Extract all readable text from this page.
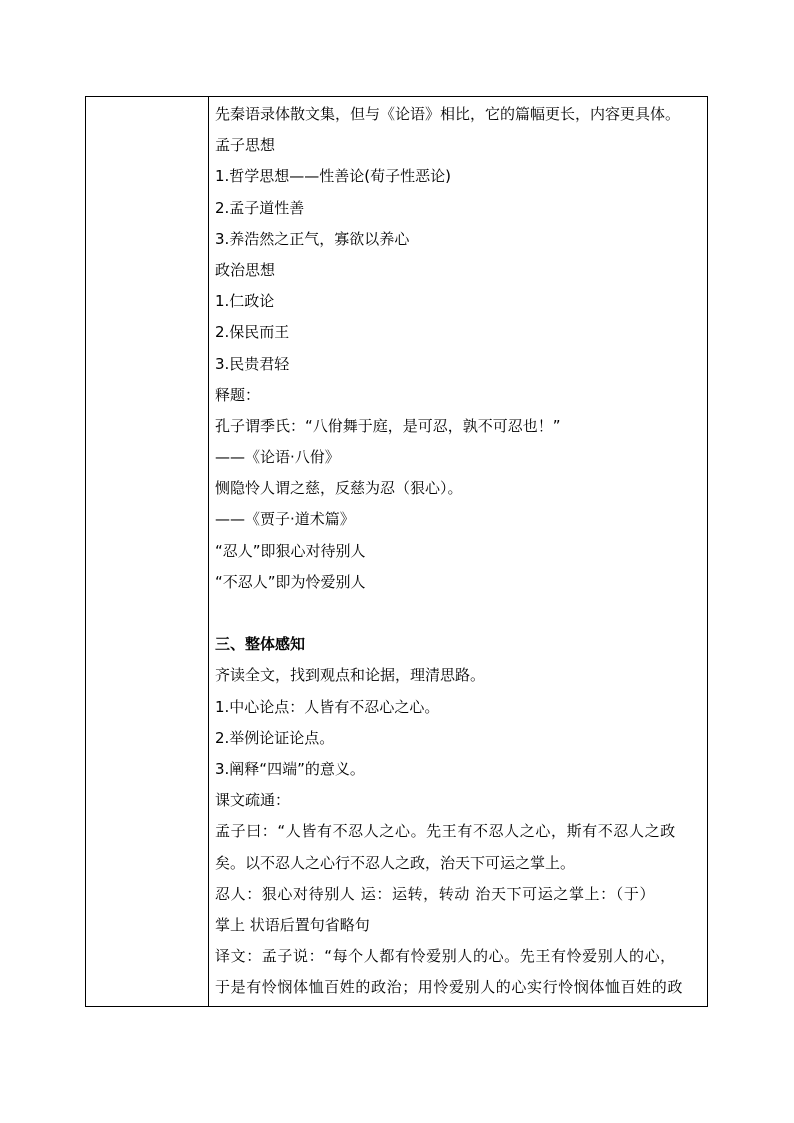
先秦语录体散文集，但与《论语》相比，它的篇幅更长，内容更具体。
孟子思想
1.哲学思想——性善论(荀子性恶论)
2.孟子道性善
3.养浩然之正气，寡欲以养心
政治思想
1.仁政论
2.保民而王
3.民贵君轻
释题：
孔子谓季氏：“八佾舞于庭，是可忍，孰不可忍也！”
——《论语·八佾》
恻隐怜人谓之慈，反慈为忍（狠心）。
——《贾子·道术篇》
“忍人”即狠心对待别人
“不忍人”即为怜爱别人
三、整体感知
齐读全文，找到观点和论据，理清思路。
1.中心论点：人皆有不忍心之心。
2.举例论证论点。
3.阐释“四端”的意义。
课文疏通：
孟子曰：“人皆有不忍人之心。先王有不忍人之心，斯有不忍人之政
矣。以不忍人之心行不忍人之政，治天下可运之掌上。
忍人：狠心对待别人 运：运转，转动 治天下可运之掌上：（于）
掌上 状语后置句省略句
译文：孟子说：“每个人都有怜爱别人的心。先王有怜爱别人的心，
于是有怜悯体恤百姓的政治；用怜爱别人的心实行怜悯体恤百姓的政
